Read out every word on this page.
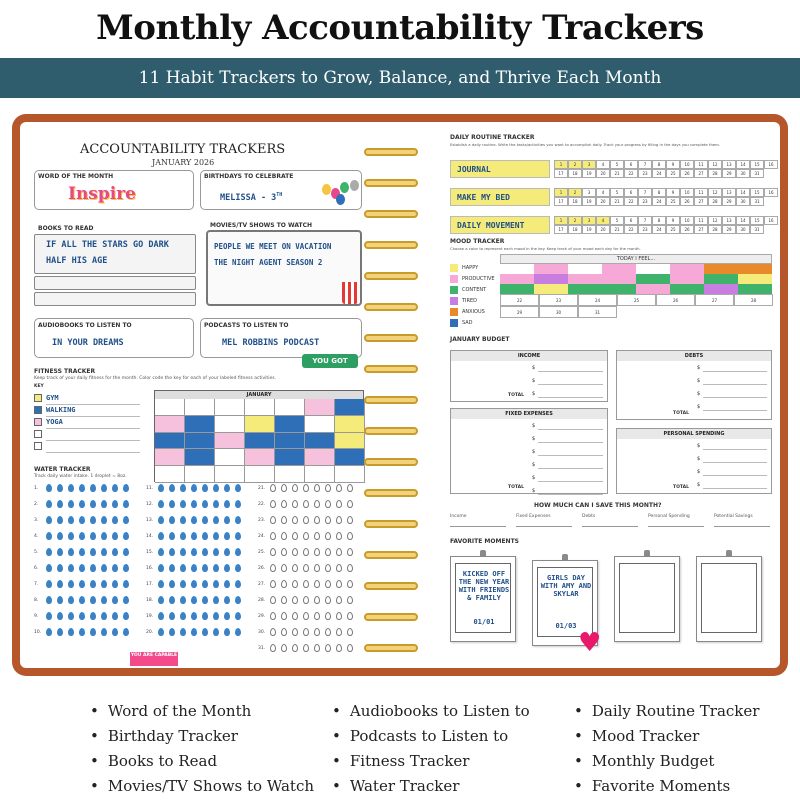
Monthly Accountability Trackers
11 Habit Trackers to Grow, Balance, and Thrive Each Month
ACCOUNTABILITY TRACKERS
JANUARY 2026
WORD OF THE MONTH
Inspire
BIRTHDAYS TO CELEBRATE
MELISSA - 3TH
BOOKS TO READ
IF ALL THE STARS GO DARK
HALF HIS AGE
MOVIES/TV SHOWS TO WATCH
PEOPLE WE MEET ON VACATION
THE NIGHT AGENT SEASON 2
AUDIOBOOKS TO LISTEN TO
IN YOUR DREAMS
PODCASTS TO LISTEN TO
MEL ROBBINS PODCAST
YOU GOT THIS!
FITNESS TRACKER
Keep track of your daily fitness for the month. Color code the key for each of your labeled fitness activities.
KEY
JANUARY
WATER TRACKER
Track daily water intake. 1 droplet = 8oz.
YOU ARE CAPABLE
GYM
WALKING
YOGA
1.
2.
3.
4.
5.
6.
7.
8.
9.
10.
11.
12.
13.
14.
15.
16.
17.
18.
19.
20.
21.
22.
23.
24.
25.
26.
27.
28.
29.
30.
31.
DAILY ROUTINE TRACKER
Establish a daily routine. Write the tasks/activities you want to accomplish daily. Track your progress by filling in the days you complete them.
MOOD TRACKER
Choose a color to represent each mood in the key. Keep track of your mood each day for the month.
TODAY I FEEL...
JANUARY BUDGET
HOW MUCH CAN I SAVE THIS MONTH?
FAVORITE MOMENTS
JOURNAL
1	2	3	4	5	6	7	8	9	10	11	12	13	14	15	16
17	18	19	20	21	22	23	24	25	26	27	28	29	30	31
MAKE MY BED
1	2	3	4	5	6	7	8	9	10	11	12	13	14	15	16
17	18	19	20	21	22	23	24	25	26	27	28	29	30	31
DAILY MOVEMENT
1	2	3	4	5	6	7	8	9	10	11	12	13	14	15	16
17	18	19	20	21	22	23	24	25	26	27	28	29	30	31
HAPPY
PRODUCTIVE
CONTENT
TIRED
ANXIOUS
SAD
22	23	24	25	26	27	28
29	30	31
INCOME
$
$
$
TOTAL
DEBTS
$
$
$
$
TOTAL
FIXED EXPENSES
$
$
$
$
$
$
TOTAL
PERSONAL SPENDING
$
$
$
$
TOTAL
Income	Fixed Expenses	Debts	Personal Spending	Potential Savings
KICKED OFF THE NEW YEAR WITH FRIENDS & FAMILY
01/01
GIRLS DAY WITH AMY AND SKYLAR
01/03
♥
• Word of the Month
• Birthday Tracker
• Books to Read
• Movies/TV Shows to Watch
• Audiobooks to Listen to
• Podcasts to Listen to
• Fitness Tracker
• Water Tracker
• Daily Routine Tracker
• Mood Tracker
• Monthly Budget
• Favorite Moments
